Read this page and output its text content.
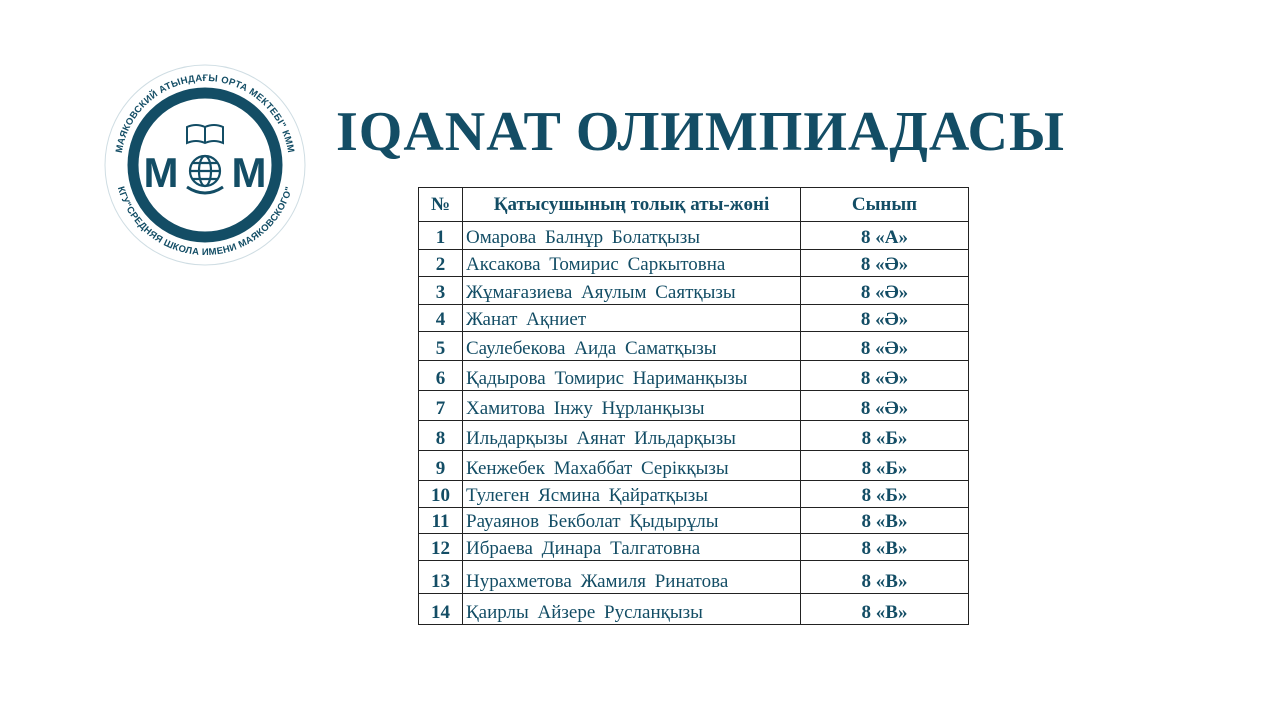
МАЯКОВСКИЙ АТЫНДАҒЫ ОРТА МЕКТЕБІ" КММ
КГУ"СРЕДНЯЯ ШКОЛА ИМЕНИ МАЯКОВСКОГО"
M M
IQANAT ОЛИМПИАДАСЫ
№	Қатысушының толық аты-жөні	Сынып
1	Омарова Балнұр Болатқызы	8 «А»
2	Аксакова Томирис Саркытовна	8 «Ә»
3	Жұмағазиева Аяулым Саятқызы	8 «Ә»
4	Жанат Ақниет	8 «Ә»
5	Саулебекова Аида Саматқызы	8 «Ә»
6	Қадырова Томирис Нариманқызы	8 «Ә»
7	Хамитова Інжу Нұрланқызы	8 «Ә»
8	Ильдарқызы Аянат Ильдарқызы	8 «Б»
9	Кенжебек Махаббат Серікқызы	8 «Б»
10	Тулеген Ясмина Қайратқызы	8 «Б»
11	Рауаянов Бекболат Қыдырұлы	8 «В»
12	Ибраева Динара Талгатовна	8 «В»
13	Нурахметова Жамиля Ринатова	8 «В»
14	Қаирлы Айзере Русланқызы	8 «В»
